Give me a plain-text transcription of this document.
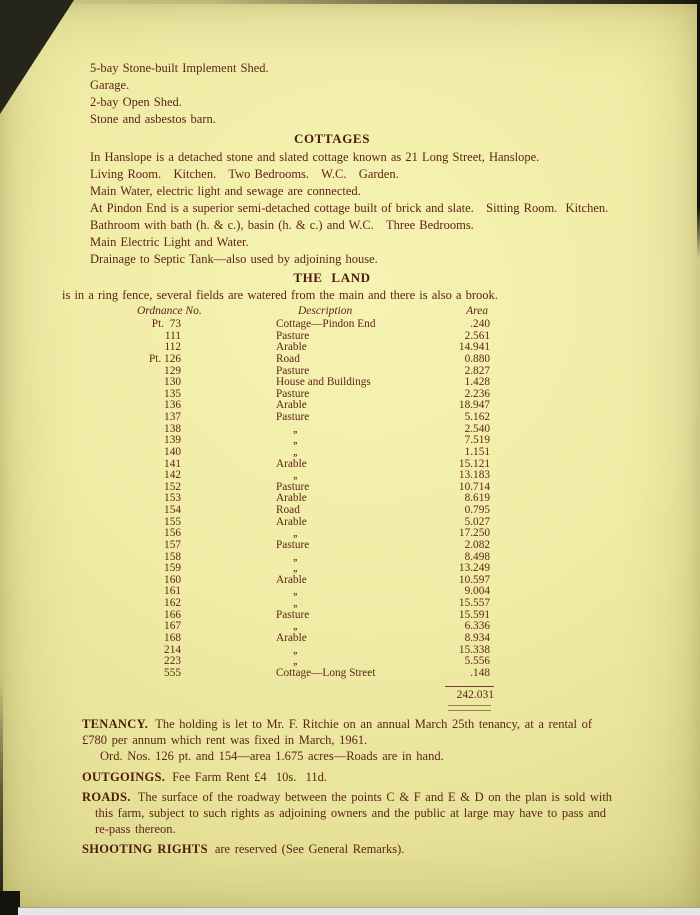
5-bay Stone-built Implement Shed.
Garage.
2-bay Open Shed.
Stone and asbestos barn.
COTTAGES
In Hanslope is a detached stone and slated cottage known as 21 Long Street, Hanslope.
Living Room.   Kitchen.   Two Bedrooms.   W.C.   Garden.
Main Water, electric light and sewage are connected.
At Pindon End is a superior semi-detached cottage built of brick and slate.   Sitting Room.  Kitchen.
Bathroom with bath (h. & c.), basin (h. & c.) and W.C.   Three Bedrooms.
Main Electric Light and Water.
Drainage to Septic Tank—also used by adjoining house.
THE LAND
is in a ring fence, several fields are watered from the main and there is also a brook.
Ordnance No.	Description	Area
Pt.  73	Cottage—Pindon End	.240
111	Pasture	2.561
112	Arable	14.941
Pt. 126	Road	0.880
129	Pasture	2.827
130	House and Buildings	1.428
135	Pasture	2.236
136	Arable	18.947
137	Pasture	5.162
138	,,	2.540
139	,,	7.519
140	,,	1.151
141	Arable	15.121
142	,,	13.183
152	Pasture	10.714
153	Arable	8.619
154	Road	0.795
155	Arable	5.027
156	,,	17.250
157	Pasture	2.082
158	,,	8.498
159	,,	13.249
160	Arable	10.597
161	,,	9.004
162	,,	15.557
166	Pasture	15.591
167	,,	6.336
168	Arable	8.934
214	,,	15.338
223	,,	5.556
555	Cottage—Long Street	.148
242.031
TENANCY. The holding is let to Mr. F. Ritchie on an annual March 25th tenancy, at a rental of
£780 per annum which rent was fixed in March, 1961.
Ord. Nos. 126 pt. and 154—area 1.675 acres—Roads are in hand.
OUTGOINGS. Fee Farm Rent £4  10s.  11d.
ROADS. The surface of the roadway between the points C & F and E & D on the plan is sold with
this farm, subject to such rights as adjoining owners and the public at large may have to pass and
re-pass thereon.
SHOOTING RIGHTS are reserved (See General Remarks).
